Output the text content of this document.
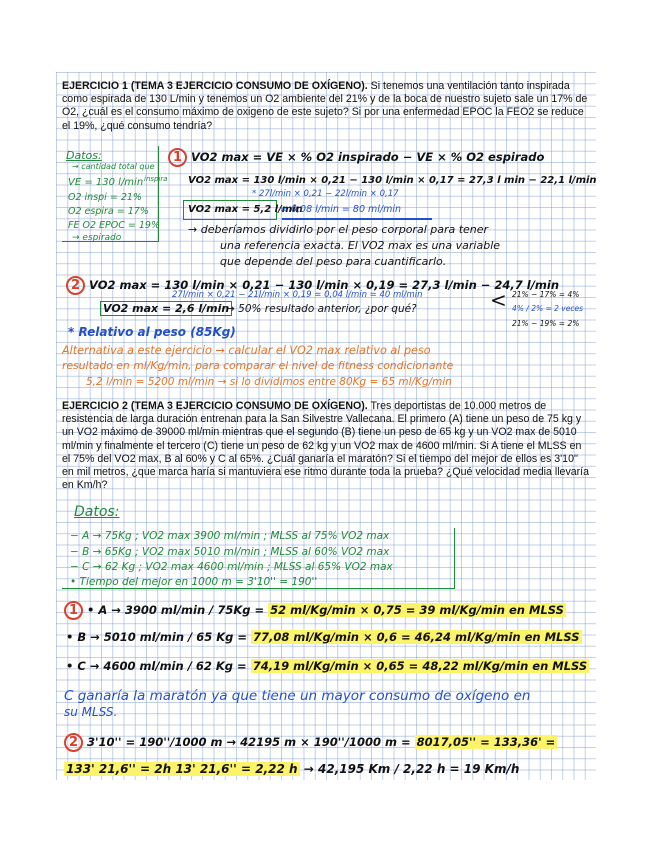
EJERCICIO 1 (TEMA 3 EJERCICIO CONSUMO DE OXÍGENO). Si tenemos una ventilación tanto inspirada como espirada de 130 L/min y tenemos un O2 ambiente del 21% y de la boca de nuestro sujeto sale un 17% de O2, ¿cuál es el consumo máximo de oxigeno de este sujeto? Si por una enfermedad EPOC la FEO2 se reduce el 19%, ¿qué consumo tendría?

Datos:
→ cantidad total que
inspira
VE = 130 l/min
O2 inspi = 21%
O2 espira = 17%
FE O2 EPOC = 19%
→ espirado
1 VO2 max = VE × % O2 inspirado − VE × % O2 espirado
VO2 max = 130 l/min × 0,21 − 130 l/min × 0,17 = 27,3 l min − 22,1 l/min
* 27l/min × 0,21 − 22l/min × 0,17
VO2 max = 5,2 l/min
= 0,08 l/min = 80 ml/min
→ deberíamos dividirlo por el peso corporal para tener
una referencia exacta. El VO2 max es una variable
que depende del peso para cuantificarlo.
2 VO2 max = 130 l/min × 0,21 − 130 l/min × 0,19 = 27,3 l/min − 24,7 l/min
27l/min × 0,21 − 21l/min × 0,19 = 0,04 l/min = 40 ml/min
VO2 max = 2,6 l/min
→ 50% resultado anterior, ¿por qué?	< 21% − 17% = 4%
4% / 2% = 2 veces
21% − 19% = 2%
* Relativo al peso (85Kg)
Alternativa a este ejercicio → calcular el VO2 max relativo al peso
resultado en ml/Kg/min, para comparar el nivel de fitness condicionante
5,2 l/min = 5200 ml/min → si lo dividimos entre 80Kg = 65 ml/Kg/min

EJERCICIO 2 (TEMA 3 EJERCICIO CONSUMO DE OXÍGENO). Tres deportistas de 10.000 metros de resistencia de larga duración entrenan para la San Silvestre Vallecana. El primero (A) tiene un peso de 75 kg y un VO2 máximo de 39000 ml/min mientras que el segundo (B) tiene un peso de 65 kg y un VO2 max de 5010 ml/min y finalmente el tercero (C) tiene un peso de 62 kg y un VO2 max de 4600 ml/min. Si A tiene el MLSS en el 75% del VO2 max, B al 60% y C al 65%. ¿Cuál ganaría el maratón? Si el tiempo del mejor de ellos es 3'10'' en mil metros, ¿que marca haría si mantuviera ese ritmo durante toda la prueba? ¿Qué velocidad media llevaría en Km/h?

Datos:
− A → 75Kg ; VO2 max 3900 ml/min ; MLSS al 75% VO2 max
− B → 65Kg ; VO2 max 5010 ml/min ; MLSS al 60% VO2 max
− C → 62 Kg ; VO2 max 4600 ml/min ; MLSS al 65% VO2 max
• Tiempo del mejor en 1000 m = 3'10'' = 190''
1 • A → 3900 ml/min / 75Kg = 52 ml/Kg/min × 0,75 = 39 ml/Kg/min en MLSS
• B → 5010 ml/min / 65 Kg = 77,08 ml/Kg/min × 0,6 = 46,24 ml/Kg/min en MLSS
• C → 4600 ml/min / 62 Kg = 74,19 ml/Kg/min × 0,65 = 48,22 ml/Kg/min en MLSS
C ganaría la maratón ya que tiene un mayor consumo de oxígeno en
su MLSS.
2 3'10'' = 190''/1000 m → 42195 m × 190''/1000 m = 8017,05'' = 133,36' =
133' 21,6'' = 2h 13' 21,6'' = 2,22 h → 42,195 Km / 2,22 h = 19 Km/h
